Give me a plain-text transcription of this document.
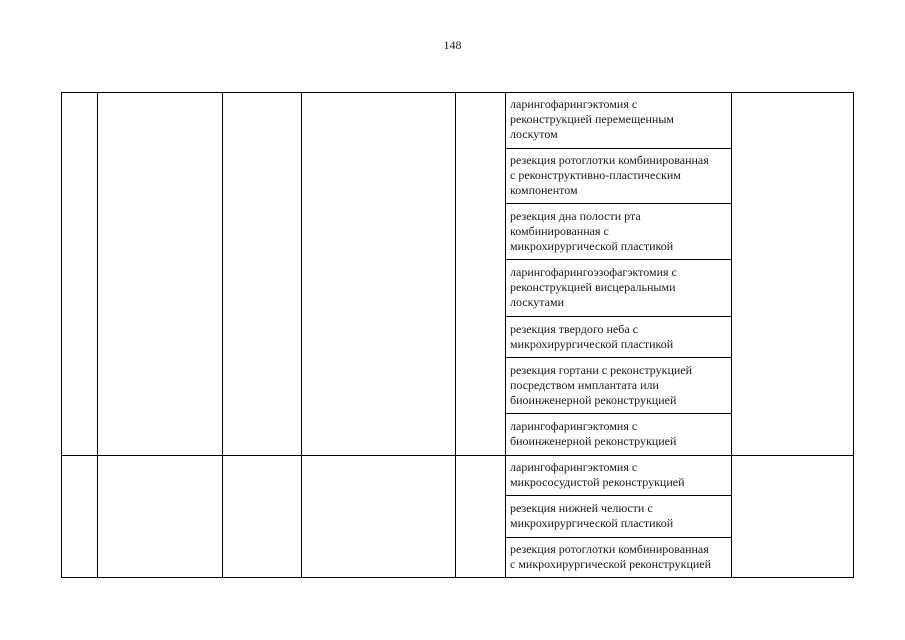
148
ларингофарингэктомия с
реконструкцией перемещенным
лоскутом
резекция ротоглотки комбинированная
с реконструктивно-пластическим
компонентом
резекция дна полости рта
комбинированная с
микрохирургической пластикой
ларингофарингоэзофагэктомия с
реконструкцией висцеральными
лоскутами
резекция твердого неба с
микрохирургической пластикой
резекция гортани с реконструкцией
посредством имплантата или
биоинженерной реконструкцией
ларингофарингэктомия с
биоинженерной реконструкцией
ларингофарингэктомия с
микрососудистой реконструкцией
резекция нижней челюсти с
микрохирургической пластикой
резекция ротоглотки комбинированная
с микрохирургической реконструкцией
